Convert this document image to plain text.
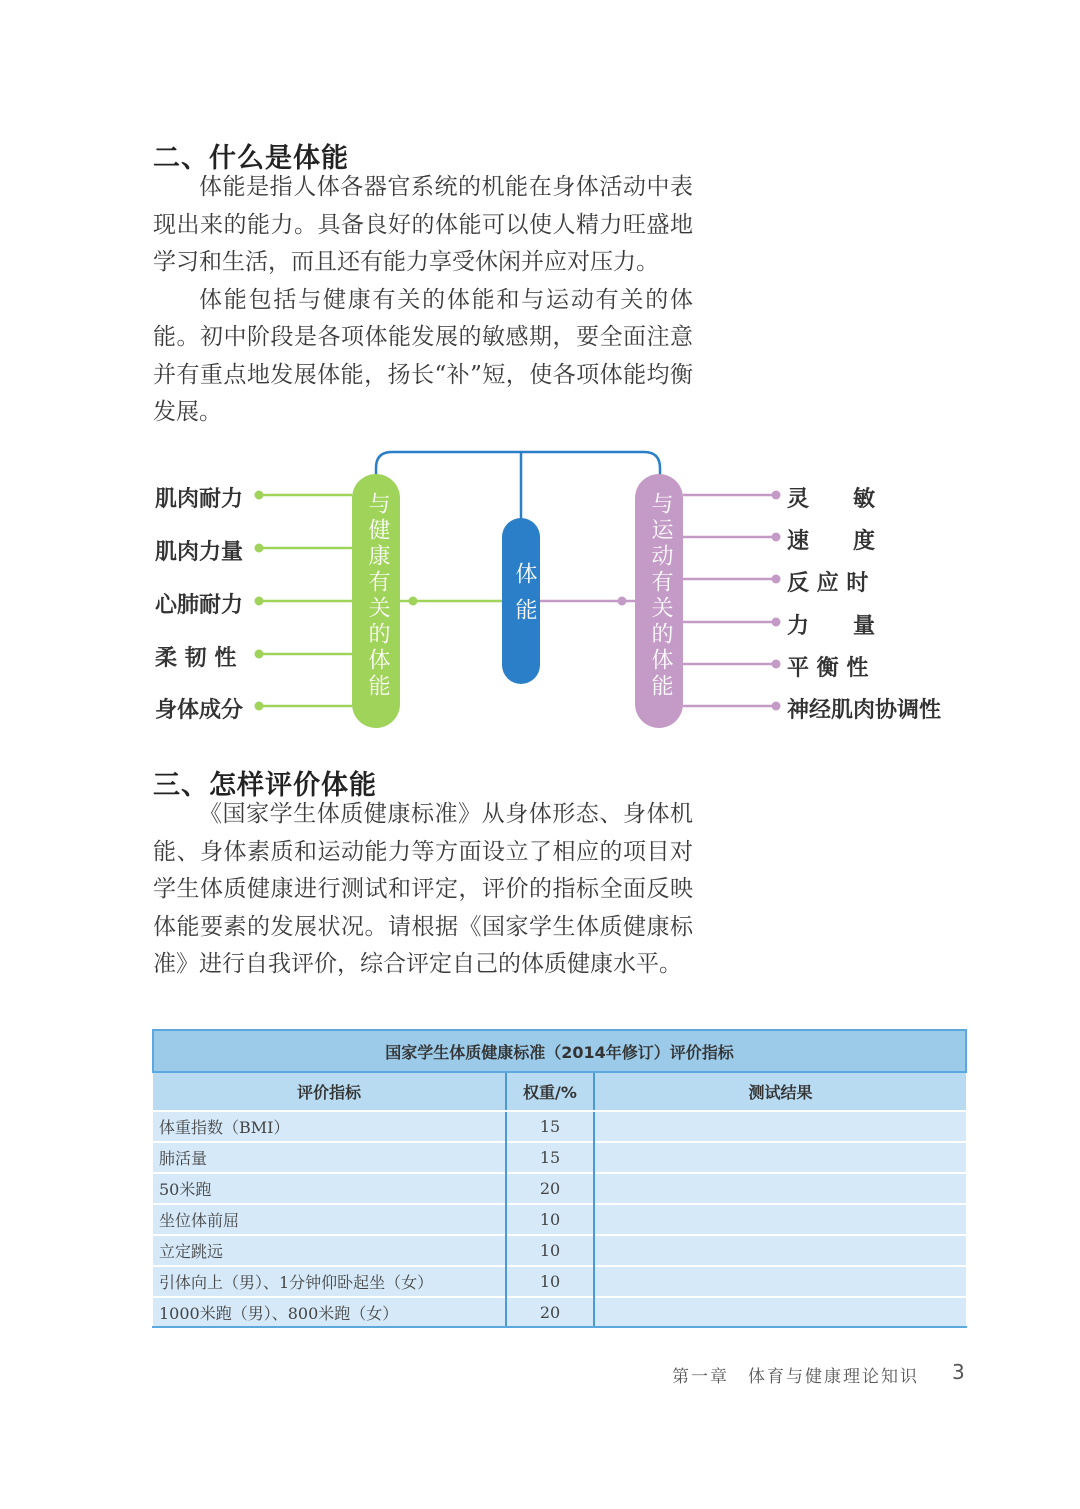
二、什么是体能

体能是指人体各器官系统的机能在身体活动中表现出来的能力。具备良好的体能可以使人精力旺盛地学习和生活，而且还有能力享受休闲并应对压力。

体能包括与健康有关的体能和与运动有关的体能。初中阶段是各项体能发展的敏感期，要全面注意并有重点地发展体能，扬长“补”短，使各项体能均衡发展。

与健康有关的体能	体能	与运动有关的体能
肌肉耐力
肌肉力量
心肺耐力
柔 韧 性
身体成分
灵　　敏
速　　度
反 应 时
力　　量
平 衡 性
神经肌肉协调性
三、怎样评价体能

《国家学生体质健康标准》从身体形态、身体机能、身体素质和运动能力等方面设立了相应的项目对学生体质健康进行测试和评定，评价的指标全面反映体能要素的发展状况。请根据《国家学生体质健康标准》进行自我评价，综合评定自己的体质健康水平。

国家学生体质健康标准（2014年修订）评价指标		
评价指标	权重/%	测试结果
体重指数（BMI）	15	
肺活量	15	
50米跑	20	
坐位体前屈	10	
立定跳远	10	
引体向上（男）、1分钟仰卧起坐（女）	10	
1000米跑（男）、800米跑（女）	20	
第一章　体育与健康理论知识 3
